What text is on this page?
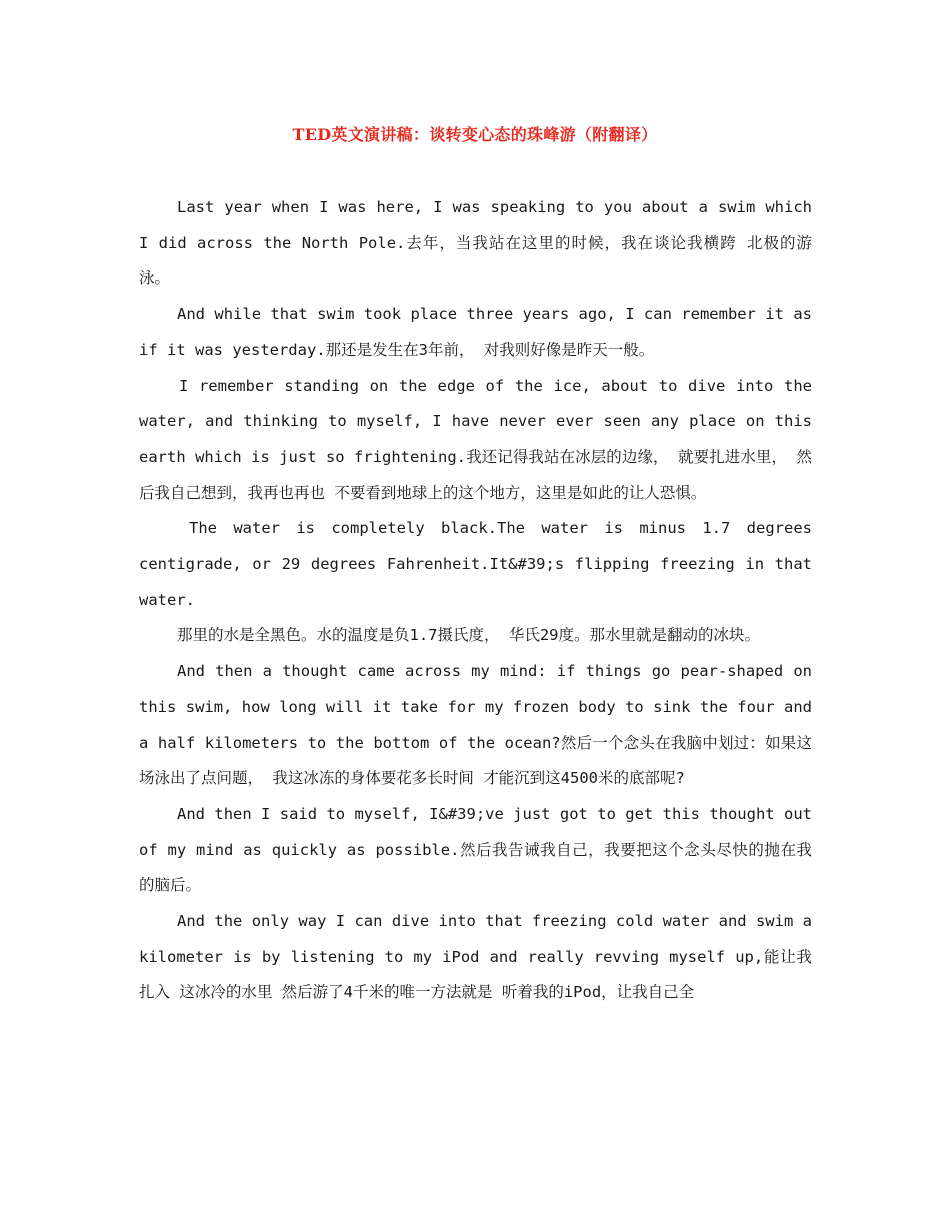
TED英文演讲稿：谈转变心态的珠峰游（附翻译）

Last year when I was here, I was speaking to you about a swim which I did across the North Pole.去年，当我站在这里的时候，我在谈论我横跨 北极的游泳。

And while that swim took place three years ago, I can remember it as if it was yesterday.那还是发生在3年前， 对我则好像是昨天一般。

I remember standing on the edge of the ice, about to dive into the water, and thinking to myself, I have never ever seen any place on this earth which is just so frightening.我还记得我站在冰层的边缘， 就要扎进水里， 然后我自己想到，我再也再也 不要看到地球上的这个地方，这里是如此的让人恐惧。

The water is completely black.The water is minus 1.7 degrees centigrade, or 29 degrees Fahrenheit.It&#39;s flipping freezing in that water.

那里的水是全黑色。水的温度是负1.7摄氏度， 华氏29度。那水里就是翻动的冰块。

And then a thought came across my mind: if things go pear-shaped on this swim, how long will it take for my frozen body to sink the four and a half kilometers to the bottom of the ocean?然后一个念头在我脑中划过：如果这场泳出了点问题， 我这冰冻的身体要花多长时间 才能沉到这4500米的底部呢?

And then I said to myself, I&#39;ve just got to get this thought out of my mind as quickly as possible.然后我告诫我自己，我要把这个念头尽快的抛在我的脑后。

And the only way I can dive into that freezing cold water and swim a kilometer is by listening to my iPod and really revving myself up,能让我扎入 这冰冷的水里 然后游了4千米的唯一方法就是 听着我的iPod，让我自己全
